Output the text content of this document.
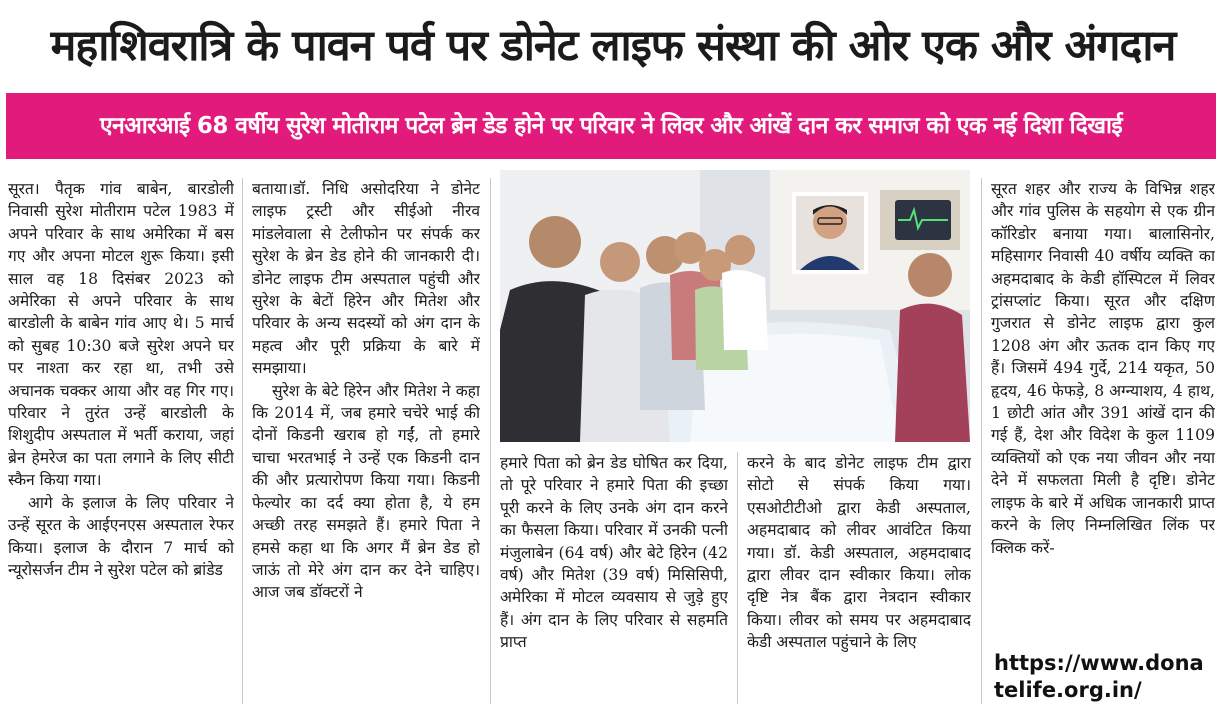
महाशिवरात्रि के पावन पर्व पर डोनेट लाइफ संस्था की ओर एक और अंगदान
एनआरआई 68 वर्षीय सुरेश मोतीराम पटेल ब्रेन डेड होने पर परिवार ने लिवर और आंखें दान कर समाज को एक नई दिशा दिखाई

सूरत। पैतृक गांव बाबेन, बारडोली निवासी सुरेश मोतीराम पटेल 1983 में अपने परिवार के साथ अमेरिका में बस गए और अपना मोटल शुरू किया। इसी साल वह 18 दिसंबर 2023 को अमेरिका से अपने परिवार के साथ बारडोली के बाबेन गांव आए थे। 5 मार्च को सुबह 10:30 बजे सुरेश अपने घर पर नाश्ता कर रहा था, तभी उसे अचानक चक्कर आया और वह गिर गए। परिवार ने तुरंत उन्हें बारडोली के शिशुदीप अस्पताल में भर्ती कराया, जहां ब्रेन हेमरेज का पता लगाने के लिए सीटी स्कैन किया गया।

आगे के इलाज के लिए परिवार ने उन्हें सूरत के आईएनएस अस्पताल रेफर किया। इलाज के दौरान 7 मार्च को न्यूरोसर्जन टीम ने सुरेश पटेल को ब्रांडेड

बताया।डॉ. निधि असोदरिया ने डोनेट लाइफ ट्रस्टी और सीईओ नीरव मांडलेवाला से टेलीफोन पर संपर्क कर सुरेश के ब्रेन डेड होने की जानकारी दी। डोनेट लाइफ टीम अस्पताल पहुंची और सुरेश के बेटों हिरेन और मितेश और परिवार के अन्य सदस्यों को अंग दान के महत्व और पूरी प्रक्रिया के बारे में समझाया।

सुरेश के बेटे हिरेन और मितेश ने कहा कि 2014 में, जब हमारे चचेरे भाई की दोनों किडनी खराब हो गईं, तो हमारे चाचा भरतभाई ने उन्हें एक किडनी दान की और प्रत्यारोपण किया गया। किडनी फेल्योर का दर्द क्या होता है, ये हम अच्छी तरह समझते हैं। हमारे पिता ने हमसे कहा था कि अगर मैं ब्रेन डेड हो जाऊं तो मेरे अंग दान कर देने चाहिए। आज जब डॉक्टरों ने

हमारे पिता को ब्रेन डेड घोषित कर दिया, तो पूरे परिवार ने हमारे पिता की इच्छा पूरी करने के लिए उनके अंग दान करने का फैसला किया। परिवार में उनकी पत्नी मंजुलाबेन (64 वर्ष) और बेटे हिरेन (42 वर्ष) और मितेश (39 वर्ष) मिसिसिपी, अमेरिका में मोटल व्यवसाय से जुड़े हुए हैं। अंग दान के लिए परिवार से सहमति प्राप्त

करने के बाद डोनेट लाइफ टीम द्वारा सोटो से संपर्क किया गया। एसओटीटीओ द्वारा केडी अस्पताल, अहमदाबाद को लीवर आवंटित किया गया। डॉ. केडी अस्पताल, अहमदाबाद द्वारा लीवर दान स्वीकार किया। लोक दृष्टि नेत्र बैंक द्वारा नेत्रदान स्वीकार किया। लीवर को समय पर अहमदाबाद केडी अस्पताल पहुंचाने के लिए

सूरत शहर और राज्य के विभिन्न शहर और गांव पुलिस के सहयोग से एक ग्रीन कॉरिडोर बनाया गया। बालासिनोर, महिसागर निवासी 40 वर्षीय व्यक्ति का अहमदाबाद के केडी हॉस्पिटल में लिवर ट्रांसप्लांट किया। सूरत और दक्षिण गुजरात से डोनेट लाइफ द्वारा कुल 1208 अंग और ऊतक दान किए गए हैं। जिसमें 494 गुर्दे, 214 यकृत, 50 हृदय, 46 फेफड़े, 8 अग्न्याशय, 4 हाथ, 1 छोटी आंत और 391 आंखें दान की गई हैं, देश और विदेश के कुल 1109 व्यक्तियों को एक नया जीवन और नया देने में सफलता मिली है दृष्टि। डोनेट लाइफ के बारे में अधिक जानकारी प्राप्त करने के लिए निम्नलिखित लिंक पर क्लिक करें-

https://www.dona
telife.org.in/
